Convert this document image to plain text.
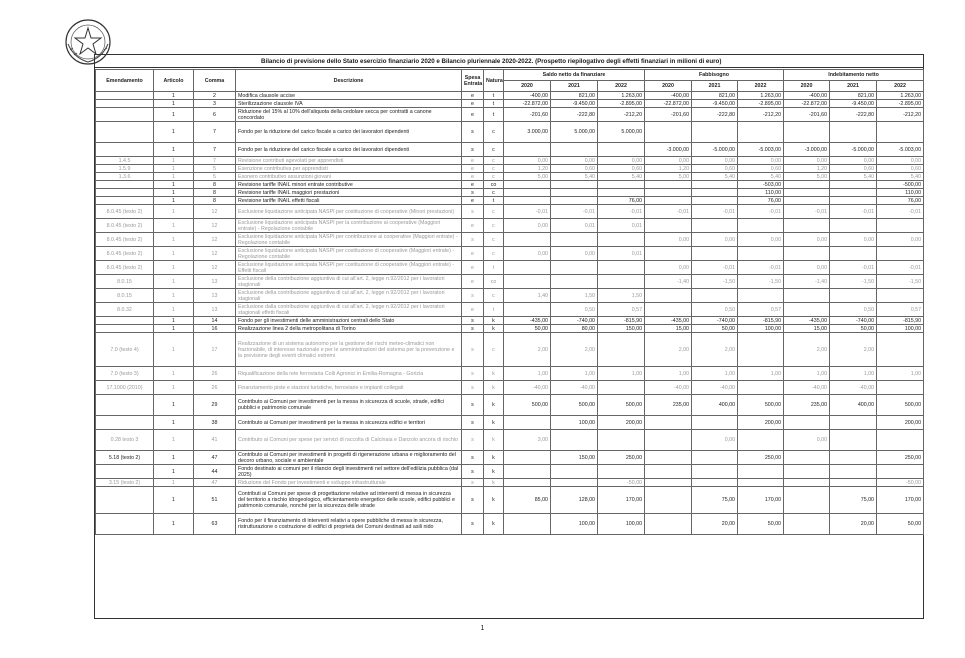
Bilancio di previsione dello Stato esercizio finanziario 2020 e Bilancio pluriennale 2020-2022. (Prospetto riepilogativo degli effetti finanziari in milioni di euro)
Emendamento	Articolo	Comma	Descrizione	Spesa Entrata	Natura	Saldo netto da finanziare			Fabbisogno			Indebitamento netto		
						2020	2021	2022	2020	2021	2022	2020	2021	2022
	1	2	Modifica clausole accise	e	t	-400,00	821,00	1.263,00	-400,00	821,00	1.263,00	-400,00	821,00	1.263,00
	1	3	Sterilizzazione clausole IVA	e	t	-22.872,00	-9.450,00	-2.895,00	-22.872,00	-9.450,00	-2.895,00	-22.872,00	-9.450,00	-2.895,00
	1	6	Riduzione del 15% al 10% dell'aliquota della cedolare secca per contratti a canone concordato	e	t	-201,60	-222,80	-212,20	-201,60	-222,80	-212,20	-201,60	-222,80	-212,20
	1	7	Fondo per la riduzione del carico fiscale a carico dei lavoratori dipendenti	s	c	3.000,00	5.000,00	5.000,00						
	1	7	Fondo per la riduzione del carico fiscale a carico dei lavoratori dipendenti	s	c				-3.000,00	-5.000,00	-5.003,00	-3.000,00	-5.000,00	-5.003,00
1.4.5	1	7	Revisione contributi agevolati per apprendisti	e	c	0,00	0,00	0,00	0,00	0,00	0,00	0,00	0,00	0,00
1.5.9	1	5	Esenzione contributiva per apprendisti	e	c	1,20	0,60	0,60	1,20	0,60	0,60	1,20	0,60	0,60
1.3.6	1	5	Esonero contributivo assunzioni giovani	e	c	5,00	5,40	5,40	5,00	5,40	5,40	5,00	5,40	5,40
	1	8	Revisione tariffe INAIL minori entrate contributive	e	co						-503,00			-500,00
	1	8	Revisione tariffe INAIL maggiori prestazioni	s	c						110,00			110,00
	1	8	Revisione tariffe INAIL effetti fiscali	e	t			76,00			76,00			76,00
8.0.45 (testo 2)	1	12	Esclusione liquidazione anticipata NASPI per costituzione di cooperative (Minori prestazioni)	s	c	-0,01	-0,01	-0,01	-0,01	-0,01	-0,01	-0,01	-0,01	-0,01
8.0.45 (testo 2)	1	12	Esclusione liquidazione anticipata NASPI per la contribuzione ai cooperative (Maggiori entrate) - Regolazione contabile	e	c	0,00	0,01	0,01						
8.0.45 (testo 2)	1	12	Esclusione liquidazione anticipata NASPI per contribuzione ai cooperative (Maggiori entrate) - Regolazione contabile	s	c				0,00	0,00	0,00	0,00	0,00	0,00
8.0.45 (testo 2)	1	12	Esclusione liquidazione anticipata NASPI per costituzione di cooperative (Maggiori entrate) - Regolazione contabile	e	c	0,00	0,00	0,01						
8.0.45 (testo 2)	1	12	Esclusione liquidazione anticipata NASPI per costituzione di cooperative (Maggiori entrate) - Effetti fiscali	e	t				0,00	-0,01	-0,01	0,00	-0,01	-0,01
8.0.15	1	13	Esclusione della contribuzione aggiuntiva di cui all'art. 2, legge n.92/2012 per i lavoratori stagionali	e	co				-1,40	-1,50	-1,50	-1,40	-1,50	-1,50
8.0.15	1	13	Esclusione della contribuzione aggiuntiva di cui all'art. 2, legge n.92/2012 per i lavoratori stagionali	s	c	1,40	1,50	1,50						
8.0.32	1	13	Esclusione dalla contribuzione aggiuntiva di cui all'art. 2, legge n.92/2012 per i lavoratori stagionali effetti fiscali	e	t		0,50	0,57		0,50	0,57		0,50	0,57
	1	14	Fondo per gli investimenti delle amministrazioni centrali dello Stato	s	k	-435,00	-740,00	-815,90	-435,00	-740,00	-815,90	-435,00	-740,00	-815,90
	1	16	Realizzazione linea 2 della metropolitana di Torino	s	k	50,00	80,00	150,00	15,00	50,00	100,00	15,00	50,00	100,00
7.0 (testo 4)	1	17	Realizzazione di un sistema autonomo per la gestione dei rischi meteo-climatici non frazionabile, di interesse nazionale e per le amministrazioni del sistema per la prevenzione e la previsione degli eventi climatici estremi	s	c	2,00	2,00		2,00	2,00		2,00	2,00	
7.0 (testo 3)	1	26	Riqualificazione della rete ferroviaria Colli Agronici in Emilia-Romagna - Gorizia	s	k	1,00	1,00	1,00	1,00	1,00	1,00	1,00	1,00	1,00
17.1000 (2010)	1	26	Finanziamento piste e stazioni turistiche, ferroviarie e impianti collegati	s	k	-40,00	-40,00		-40,00	-40,00		-40,00	-40,00	
	1	29	Contributo ai Comuni per investimenti per la messa in sicurezza di scuole, strade, edifici pubblici e patrimonio comunale	s	k	500,00	500,00	500,00	235,00	400,00	500,00	235,00	400,00	500,00
	1	38	Contributo ai Comuni per investimenti per la messa in sicurezza edifici e territori	s	k		100,00	200,00			200,00			200,00
0.28 testo 3	1	41	Contributo ai Comuni per spese per servizi di raccolta di Calcinaia e Danzolo ancora di rischio	s	k	3,00				0,00		0,00		
5.18 (testo 2)	1	47	Contributo ai Comuni per investimenti in progetti di rigenerazione urbana e miglioramento del decoro urbano, sociale e ambientale	s	k		150,00	250,00			250,00			250,00
	1	44	Fondo destinato ai comuni per il rilancio degli investimenti nel settore dell'edilizia pubblica (dal 2025)	s	k									
3.15 (testo 2)	1	47	Riduzione del Fondo per investimenti e sviluppo infrastrutturale	s	k			-50,00						-50,00
	1	51	Contributi ai Comuni per spese di progettazione relative ad interventi di messa in sicurezza del territorio a rischio idrogeologico, efficientamento energetico delle scuole, edifici pubblici e patrimonio comunale, nonché per la sicurezza delle strade	s	k	85,00	128,00	170,00		75,00	170,00		75,00	170,00
	1	63	Fondo per il finanziamento di interventi relativi a opere pubbliche di messa in sicurezza, ristrutturazione o costruzione di edifici di proprietà dei Comuni destinati ad asili nido	s	k		100,00	100,00		20,00	50,00		20,00	50,00
1
